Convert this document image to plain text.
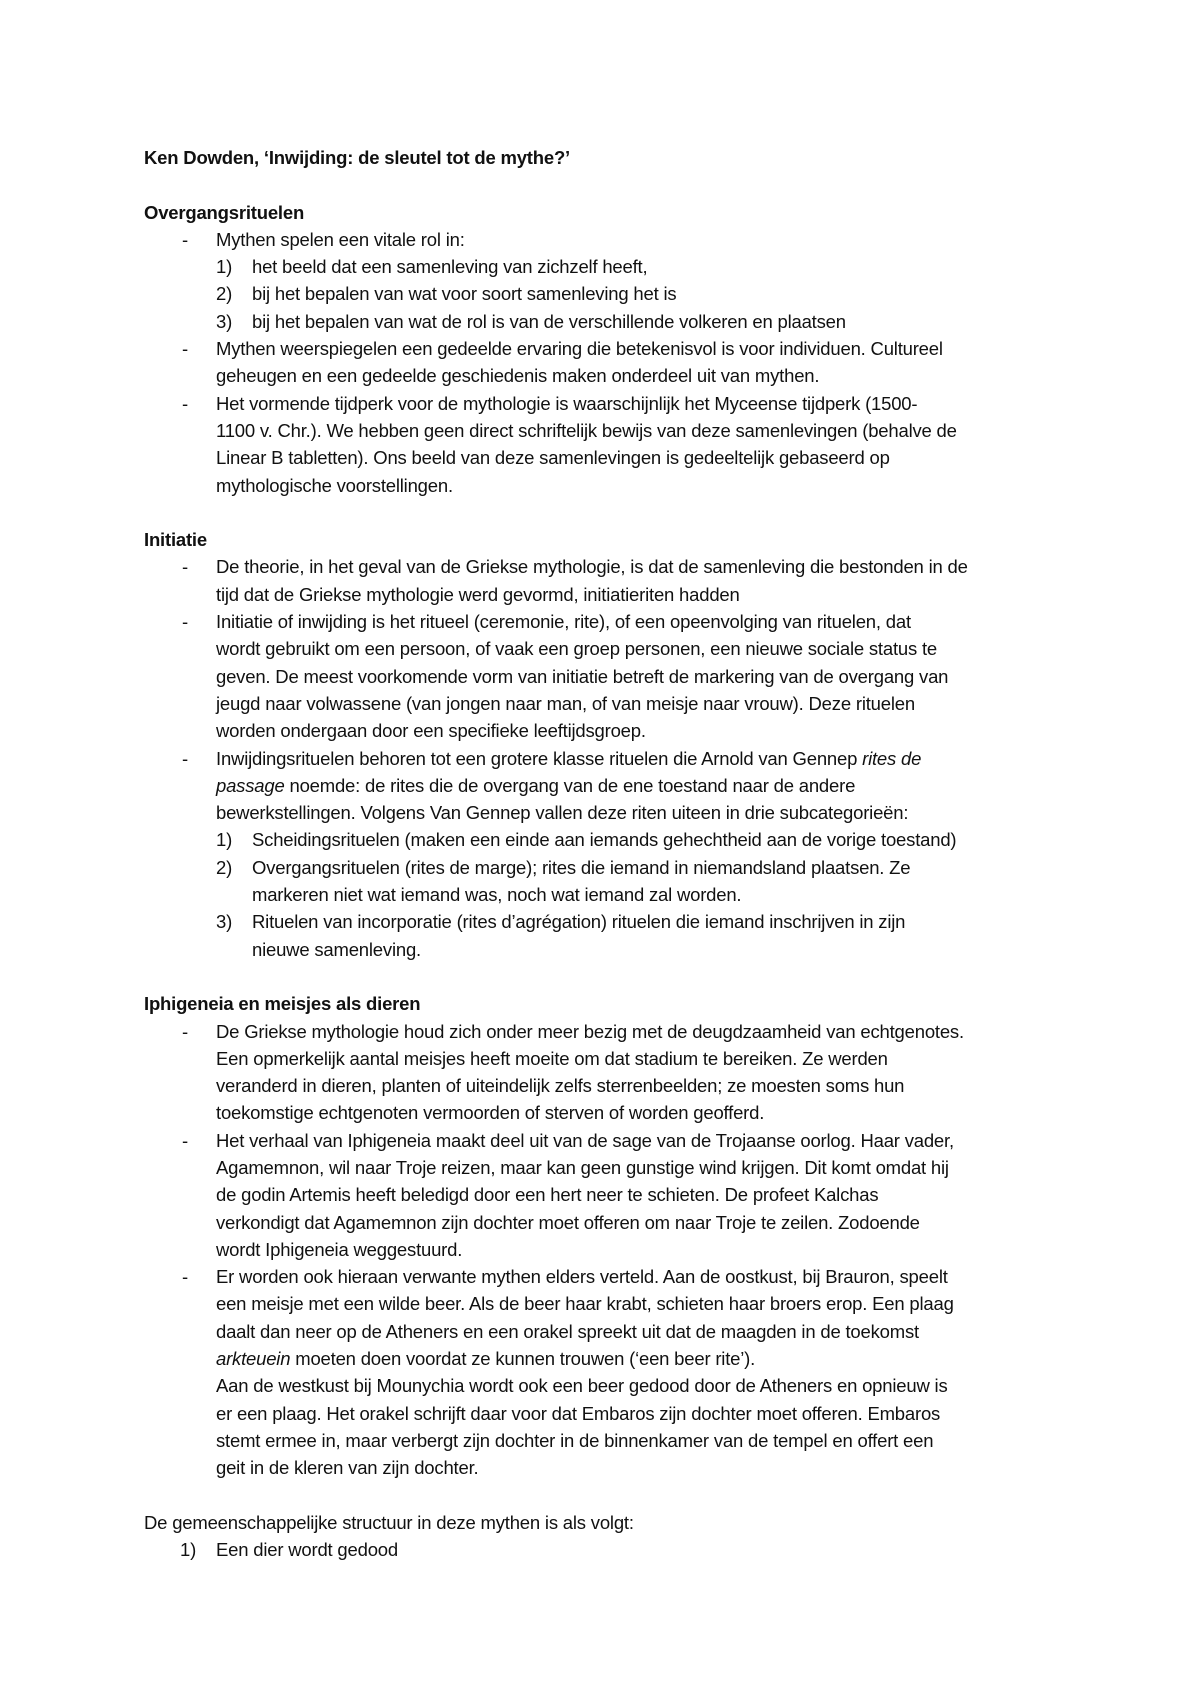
Ken Dowden, ‘Inwijding: de sleutel tot de mythe?’

Overgangsrituelen

- Mythen spelen een vitale rol in:
1) het beeld dat een samenleving van zichzelf heeft,
2) bij het bepalen van wat voor soort samenleving het is
3) bij het bepalen van wat de rol is van de verschillende volkeren en plaatsen
- Mythen weerspiegelen een gedeelde ervaring die betekenisvol is voor individuen. Cultureel
geheugen en een gedeelde geschiedenis maken onderdeel uit van mythen.
- Het vormende tijdperk voor de mythologie is waarschijnlijk het Myceense tijdperk (1500-
1100 v. Chr.). We hebben geen direct schriftelijk bewijs van deze samenlevingen (behalve de
Linear B tabletten). Ons beeld van deze samenlevingen is gedeeltelijk gebaseerd op
mythologische voorstellingen.

Initiatie

- De theorie, in het geval van de Griekse mythologie, is dat de samenleving die bestonden in de
tijd dat de Griekse mythologie werd gevormd, initiatieriten hadden
- Initiatie of inwijding is het ritueel (ceremonie, rite), of een opeenvolging van rituelen, dat
wordt gebruikt om een persoon, of vaak een groep personen, een nieuwe sociale status te
geven. De meest voorkomende vorm van initiatie betreft de markering van de overgang van
jeugd naar volwassene (van jongen naar man, of van meisje naar vrouw). Deze rituelen
worden ondergaan door een specifieke leeftijdsgroep.
- Inwijdingsrituelen behoren tot een grotere klasse rituelen die Arnold van Gennep rites de
passage noemde: de rites die de overgang van de ene toestand naar de andere
bewerkstellingen. Volgens Van Gennep vallen deze riten uiteen in drie subcategorieën:
1) Scheidingsrituelen (maken een einde aan iemands gehechtheid aan de vorige toestand)
2) Overgangsrituelen (rites de marge); rites die iemand in niemandsland plaatsen. Ze markeren niet wat iemand was, noch wat iemand zal worden.
3) Rituelen van incorporatie (rites d’agrégation) rituelen die iemand inschrijven in zijn nieuwe samenleving.

Iphigeneia en meisjes als dieren

- De Griekse mythologie houd zich onder meer bezig met de deugdzaamheid van echtgenotes.
Een opmerkelijk aantal meisjes heeft moeite om dat stadium te bereiken. Ze werden
veranderd in dieren, planten of uiteindelijk zelfs sterrenbeelden; ze moesten soms hun
toekomstige echtgenoten vermoorden of sterven of worden geofferd.
- Het verhaal van Iphigeneia maakt deel uit van de sage van de Trojaanse oorlog. Haar vader,
Agamemnon, wil naar Troje reizen, maar kan geen gunstige wind krijgen. Dit komt omdat hij
de godin Artemis heeft beledigd door een hert neer te schieten. De profeet Kalchas
verkondigt dat Agamemnon zijn dochter moet offeren om naar Troje te zeilen. Zodoende
wordt Iphigeneia weggestuurd.
- Er worden ook hieraan verwante mythen elders verteld. Aan de oostkust, bij Brauron, speelt
een meisje met een wilde beer. Als de beer haar krabt, schieten haar broers erop. Een plaag
daalt dan neer op de Atheners en een orakel spreekt uit dat de maagden in de toekomst
arkteuein moeten doen voordat ze kunnen trouwen (‘een beer rite’).
Aan de westkust bij Mounychia wordt ook een beer gedood door de Atheners en opnieuw is
er een plaag. Het orakel schrijft daar voor dat Embaros zijn dochter moet offeren. Embaros
stemt ermee in, maar verbergt zijn dochter in de binnenkamer van de tempel en offert een
geit in de kleren van zijn dochter.

De gemeenschappelijke structuur in deze mythen is als volgt:

1) Een dier wordt gedood
